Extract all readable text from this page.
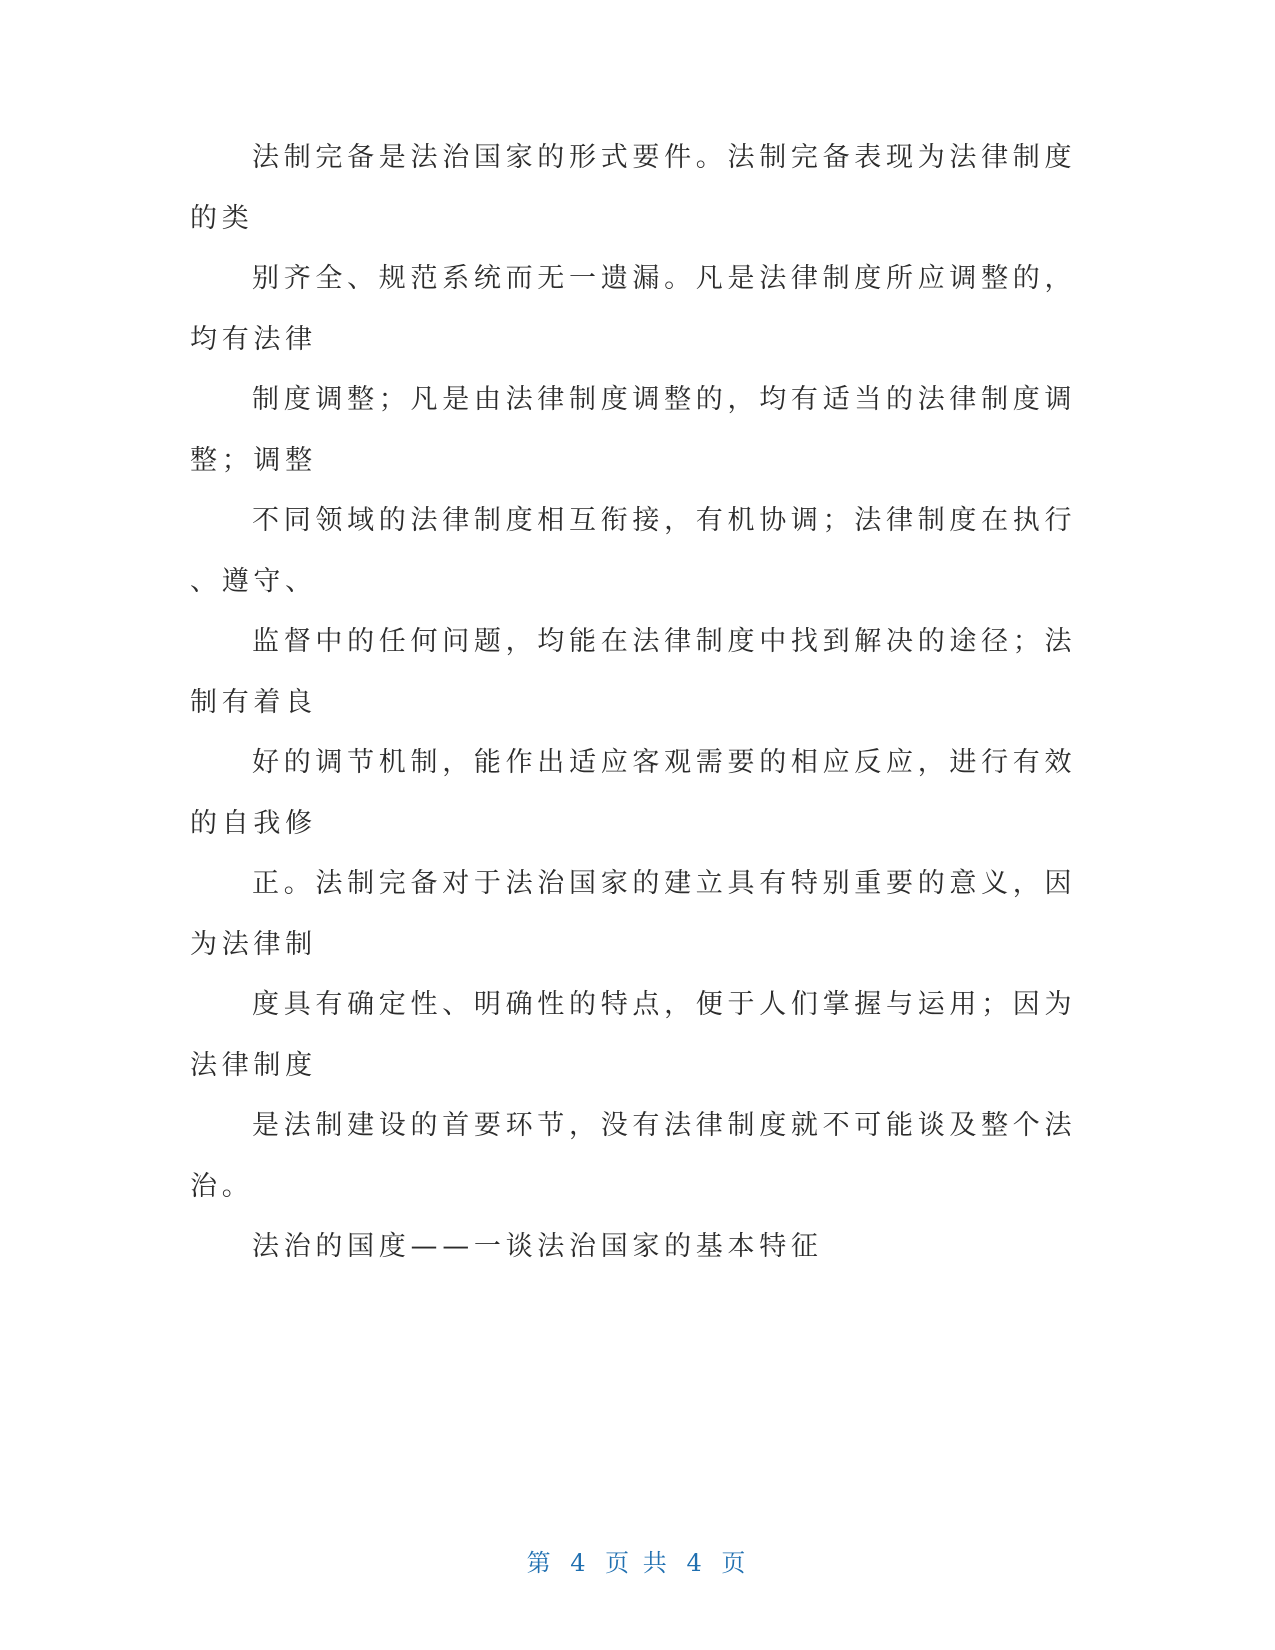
法制完备是法治国家的形式要件。法制完备表现为法律制度

的类

别齐全、规范系统而无一遗漏。凡是法律制度所应调整的，

均有法律

制度调整；凡是由法律制度调整的，均有适当的法律制度调

整；调整

不同领域的法律制度相互衔接，有机协调；法律制度在执行

、遵守、

监督中的任何问题，均能在法律制度中找到解决的途径；法

制有着良

好的调节机制，能作出适应客观需要的相应反应，进行有效

的自我修

正。法制完备对于法治国家的建立具有特别重要的意义，因

为法律制

度具有确定性、明确性的特点，便于人们掌握与运用；因为

法律制度

是法制建设的首要环节，没有法律制度就不可能谈及整个法

治。

法治的国度——一谈法治国家的基本特征

第 4 页 共 4 页
